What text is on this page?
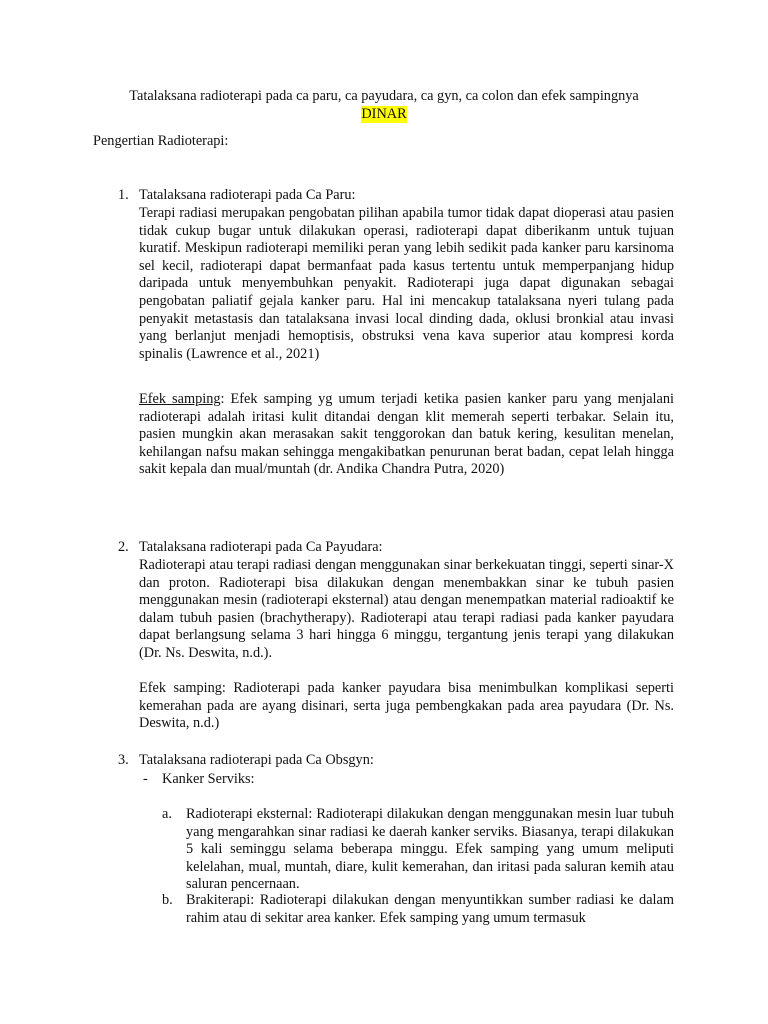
Tatalaksana radioterapi pada ca paru, ca payudara, ca gyn, ca colon dan efek sampingnya
DINAR
Pengertian Radioterapi:
1. Tatalaksana radioterapi pada Ca Paru:
Terapi radiasi merupakan pengobatan pilihan apabila tumor tidak dapat dioperasi atau pasien tidak cukup bugar untuk dilakukan operasi, radioterapi dapat diberikanm untuk tujuan kuratif. Meskipun radioterapi memiliki peran yang lebih sedikit pada kanker paru karsinoma sel kecil, radioterapi dapat bermanfaat pada kasus tertentu untuk memperpanjang hidup daripada untuk menyembuhkan penyakit. Radioterapi juga dapat digunakan sebagai pengobatan paliatif gejala kanker paru. Hal ini mencakup tatalaksana nyeri tulang pada penyakit metastasis dan tatalaksana invasi local dinding dada, oklusi bronkial atau invasi yang berlanjut menjadi hemoptisis, obstruksi vena kava superior atau kompresi korda spinalis (Lawrence et al., 2021)
Efek samping: Efek samping yg umum terjadi ketika pasien kanker paru yang menjalani radioterapi adalah iritasi kulit ditandai dengan klit memerah seperti terbakar. Selain itu, pasien mungkin akan merasakan sakit tenggorokan dan batuk kering, kesulitan menelan, kehilangan nafsu makan sehingga mengakibatkan penurunan berat badan, cepat lelah hingga sakit kepala dan mual/muntah (dr. Andika Chandra Putra, 2020)
2. Tatalaksana radioterapi pada Ca Payudara:
Radioterapi atau terapi radiasi dengan menggunakan sinar berkekuatan tinggi, seperti sinar-X dan proton. Radioterapi bisa dilakukan dengan menembakkan sinar ke tubuh pasien menggunakan mesin (radioterapi eksternal) atau dengan menempatkan material radioaktif ke dalam tubuh pasien (brachytherapy). Radioterapi atau terapi radiasi pada kanker payudara dapat berlangsung selama 3 hari hingga 6 minggu, tergantung jenis terapi yang dilakukan (Dr. Ns. Deswita, n.d.).
Efek samping: Radioterapi pada kanker payudara bisa menimbulkan komplikasi seperti kemerahan pada are ayang disinari, serta juga pembengkakan pada area payudara (Dr. Ns. Deswita, n.d.)
3. Tatalaksana radioterapi pada Ca Obsgyn:
- Kanker Serviks:
a. Radioterapi eksternal: Radioterapi dilakukan dengan menggunakan mesin luar tubuh yang mengarahkan sinar radiasi ke daerah kanker serviks. Biasanya, terapi dilakukan 5 kali seminggu selama beberapa minggu. Efek samping yang umum meliputi kelelahan, mual, muntah, diare, kulit kemerahan, dan iritasi pada saluran kemih atau saluran pencernaan.
b. Brakiterapi: Radioterapi dilakukan dengan menyuntikkan sumber radiasi ke dalam rahim atau di sekitar area kanker. Efek samping yang umum termasuk
